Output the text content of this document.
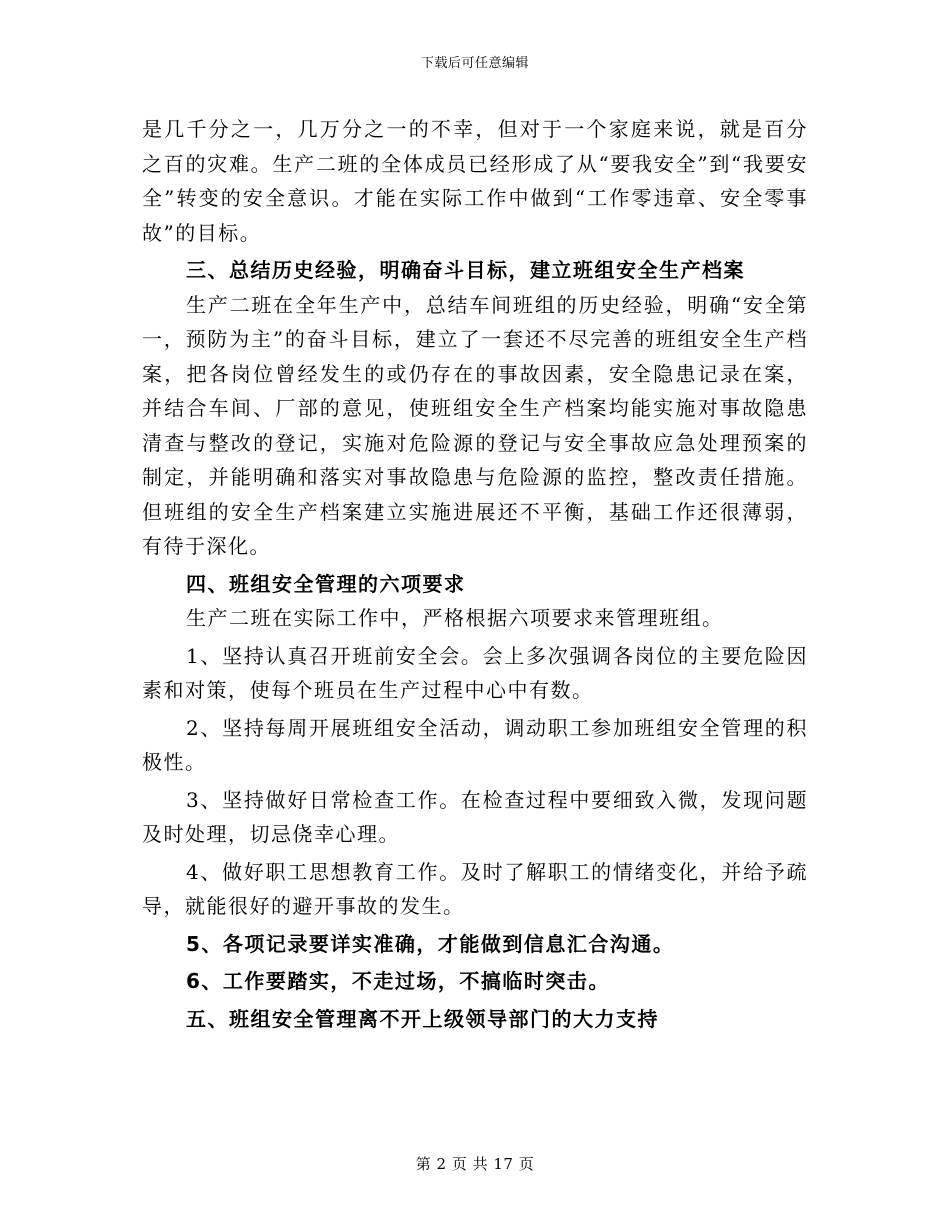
下载后可任意编辑

是几千分之一，几万分之一的不幸，但对于一个家庭来说，就是百分之百的灾难。生产二班的全体成员已经形成了从“要我安全”到“我要安全”转变的安全意识。才能在实际工作中做到“工作零违章、安全零事故”的目标。

三、总结历史经验，明确奋斗目标，建立班组安全生产档案

生产二班在全年生产中，总结车间班组的历史经验，明确“安全第一，预防为主”的奋斗目标，建立了一套还不尽完善的班组安全生产档案，把各岗位曾经发生的或仍存在的事故因素，安全隐患记录在案，并结合车间、厂部的意见，使班组安全生产档案均能实施对事故隐患清查与整改的登记，实施对危险源的登记与安全事故应急处理预案的制定，并能明确和落实对事故隐患与危险源的监控，整改责任措施。但班组的安全生产档案建立实施进展还不平衡，基础工作还很薄弱，有待于深化。

四、班组安全管理的六项要求

生产二班在实际工作中，严格根据六项要求来管理班组。

1、坚持认真召开班前安全会。会上多次强调各岗位的主要危险因素和对策，使每个班员在生产过程中心中有数。

2、坚持每周开展班组安全活动，调动职工参加班组安全管理的积极性。

3、坚持做好日常检查工作。在检查过程中要细致入微，发现问题及时处理，切忌侥幸心理。

4、做好职工思想教育工作。及时了解职工的情绪变化，并给予疏导，就能很好的避开事故的发生。

5、各项记录要详实准确，才能做到信息汇合沟通。

6、工作要踏实，不走过场，不搞临时突击。

五、班组安全管理离不开上级领导部门的大力支持

第 2 页 共 17 页
